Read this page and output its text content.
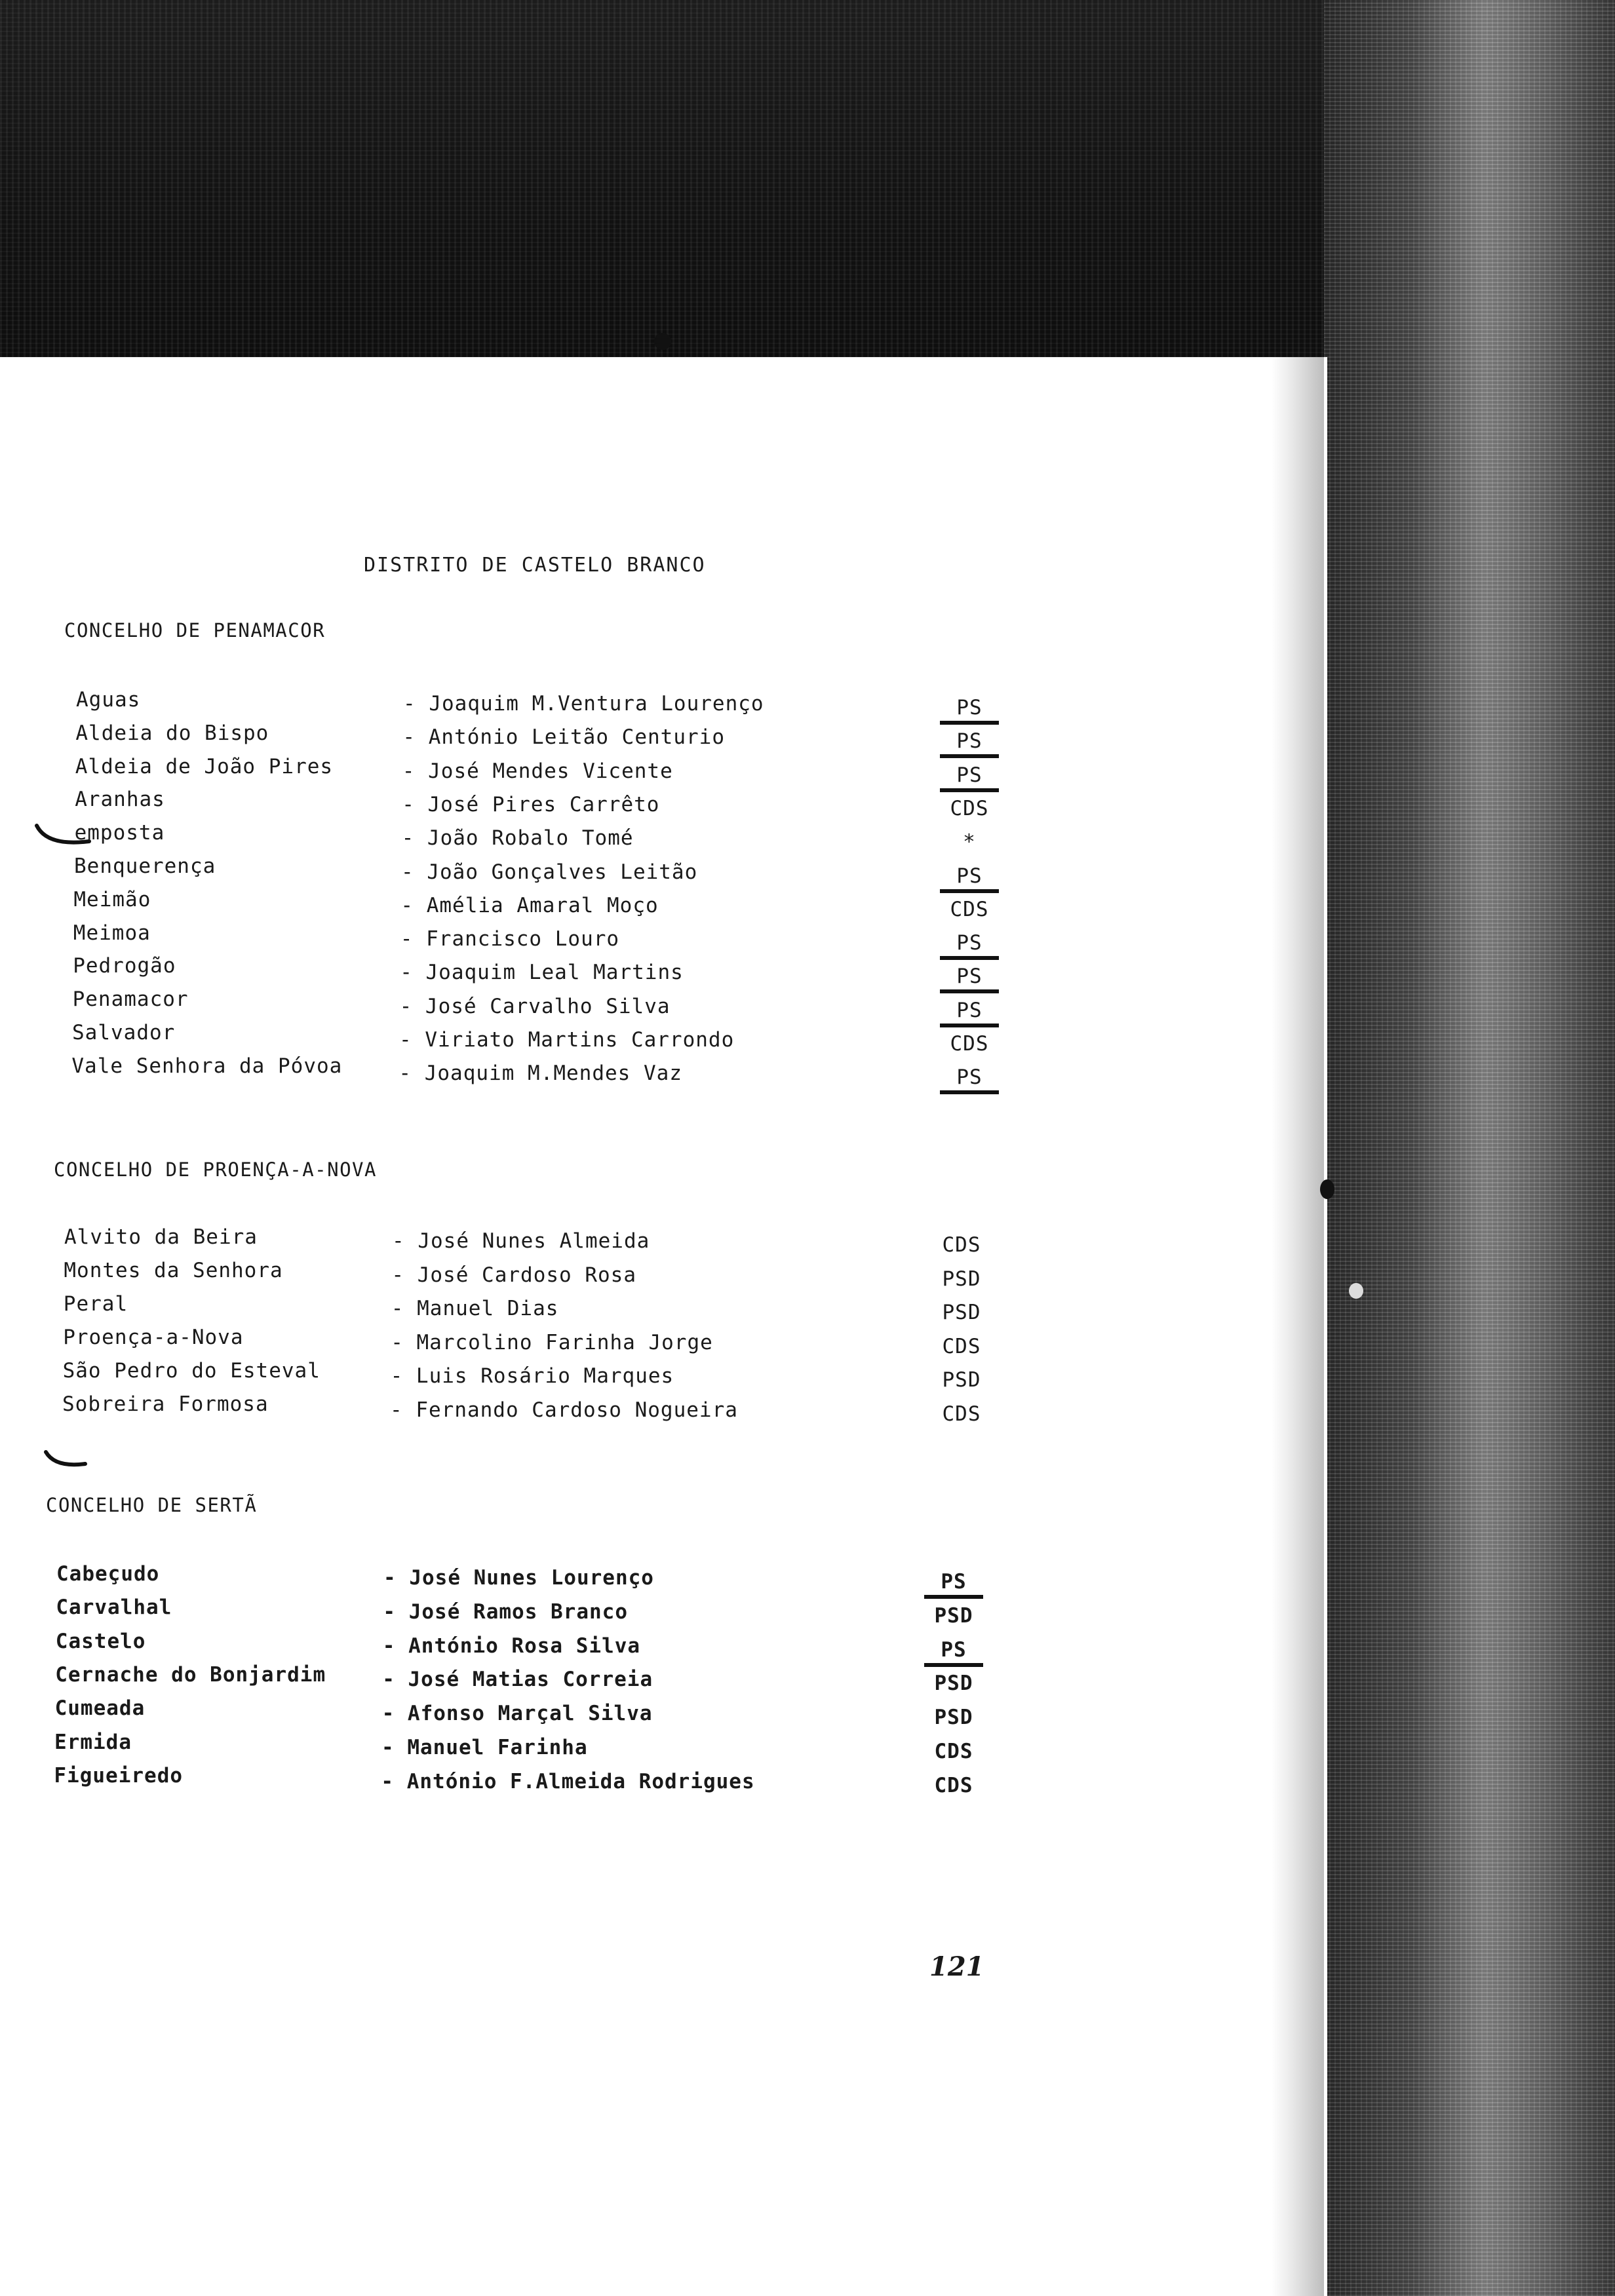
DISTRITO DE CASTELO BRANCO
CONCELHO DE PENAMACOR
Aguas	- Joaquim M.Ventura Lourenço	PS
Aldeia do Bispo	- António Leitão Centurio	PS
Aldeia de João Pires	- José Mendes Vicente	PS
Aranhas	- José Pires Carrêto	CDS
emposta	- João Robalo Tomé	*
Benquerença	- João Gonçalves Leitão	PS
Meimão	- Amélia Amaral Moço	CDS
Meimoa	- Francisco Louro	PS
Pedrogão	- Joaquim Leal Martins	PS
Penamacor	- José Carvalho Silva	PS
Salvador	- Viriato Martins Carrondo	CDS
Vale Senhora da Póvoa	- Joaquim M.Mendes Vaz	PS
CONCELHO DE PROENÇA-A-NOVA
Alvito da Beira	- José Nunes Almeida	CDS
Montes da Senhora	- José Cardoso Rosa	PSD
Peral	- Manuel Dias	PSD
Proença-a-Nova	- Marcolino Farinha Jorge	CDS
São Pedro do Esteval	- Luis Rosário Marques	PSD
Sobreira Formosa	- Fernando Cardoso Nogueira	CDS
CONCELHO DE SERTÃ
Cabeçudo	- José Nunes Lourenço	PS
Carvalhal	- José Ramos Branco	PSD
Castelo	- António Rosa Silva	PS
Cernache do Bonjardim	- José Matias Correia	PSD
Cumeada	- Afonso Marçal Silva	PSD
Ermida	- Manuel Farinha	CDS
Figueiredo	- António F.Almeida Rodrigues	CDS
121
